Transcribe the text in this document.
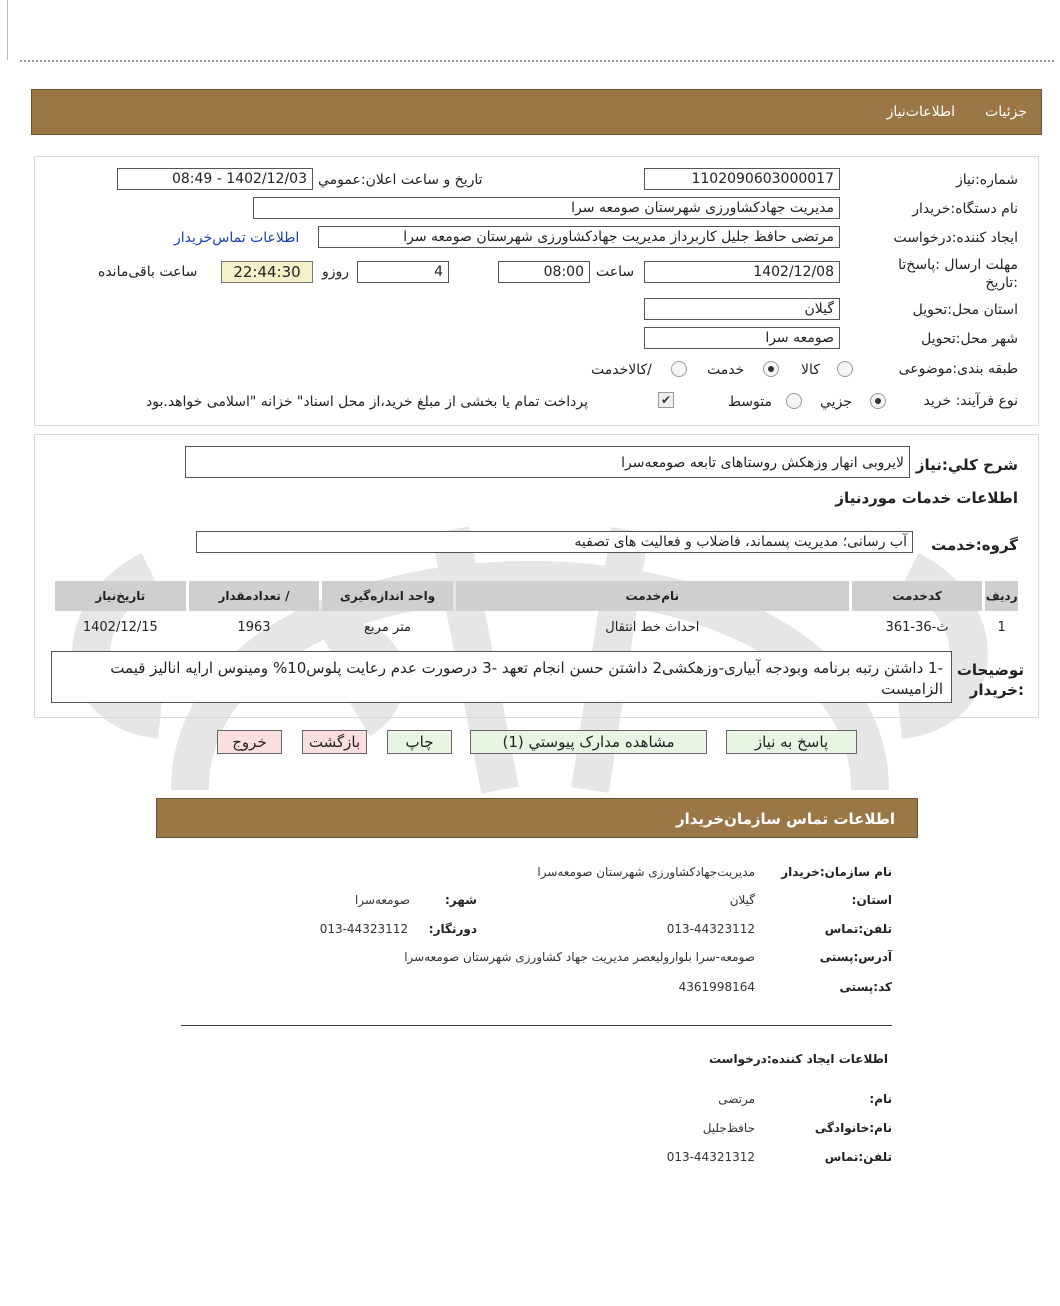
جزئيات
اطلاعات‌نیاز
شماره:نياز
1102090603000017
تاريخ و ساعت اعلان:عمومي
1402/12/03 - 08:49
نام دستگاه:خريدار
مديريت جهادکشاورزی شهرستان صومعه سرا
ايجاد کننده:درخواست
مرتضی حافظ جلیل کاربرداز مدیریت جهادکشاورزی شهرستان صومعه سرا
اطلاعات تماس‌خريدار
مهلت ارسال :پاسخ‌تا
:تاريخ
1402/12/08
ساعت
08:00
4
روزو
22:44:30
ساعت باقی‌مانده
استان محل:تحويل
گيلان
شهر محل:تحويل
صومعه سرا
طبقه بندی:موضوعی
کالا
خدمت
/کالاخدمت
نوع فرآيند: خريد
جزيي
متوسط
✔
پرداخت تمام يا بخشی از مبلغ خريد،از محل اسناد" خزانه "اسلامی خواهد.بود
شرح کلي:نياز
لايروبی انهار وزهکش روستاهای تابعه صومعه‌سرا
اطلاعات خدمات موردنياز
گروه:خدمت
آب رسانی؛ مديريت پسماند، فاضلاب و فعاليت های تصفيه
رديف	کدخدمت	نام‌خدمت	واحد اندازه‌گيری	/ تعدادمقدار	تاريخ‌نياز
1	ث-36-361	احداث خط انتقال	متر مربع	1963	1402/12/15
توضيحات
:خريدار
-1 داشتن رتبه برنامه وبودجه آبیاری-وزهکشی2 داشتن حسن انجام تعهد -3 درصورت عدم رعایت پلوس10% ومینوس ارایه انالیز قیمت الزامیست
پاسخ به نياز
مشاهده مدارک پيوستي (1)
چاپ
بازگشت
خروج
اطلاعات تماس سازمان‌خريدار
نام سازمان:خريدار
مديريت‌جهادکشاورزی شهرستان صومعه‌سرا
استان:
گيلان
شهر:
صومعه‌سرا
تلفن:تماس
013-44323112
دورنگار:
013-44323112
آدرس:پستی
صومعه-سرا بلوار‌ولیعصر مدیریت جهاد کشاورزی شهرستان صومعه‌سرا
کد:پستی
4361998164
اطلاعات ايجاد کننده:درخواست
نام:
مرتضی
نام:خانوادگی
حافظ‌جلیل
تلفن:تماس
013-44321312
